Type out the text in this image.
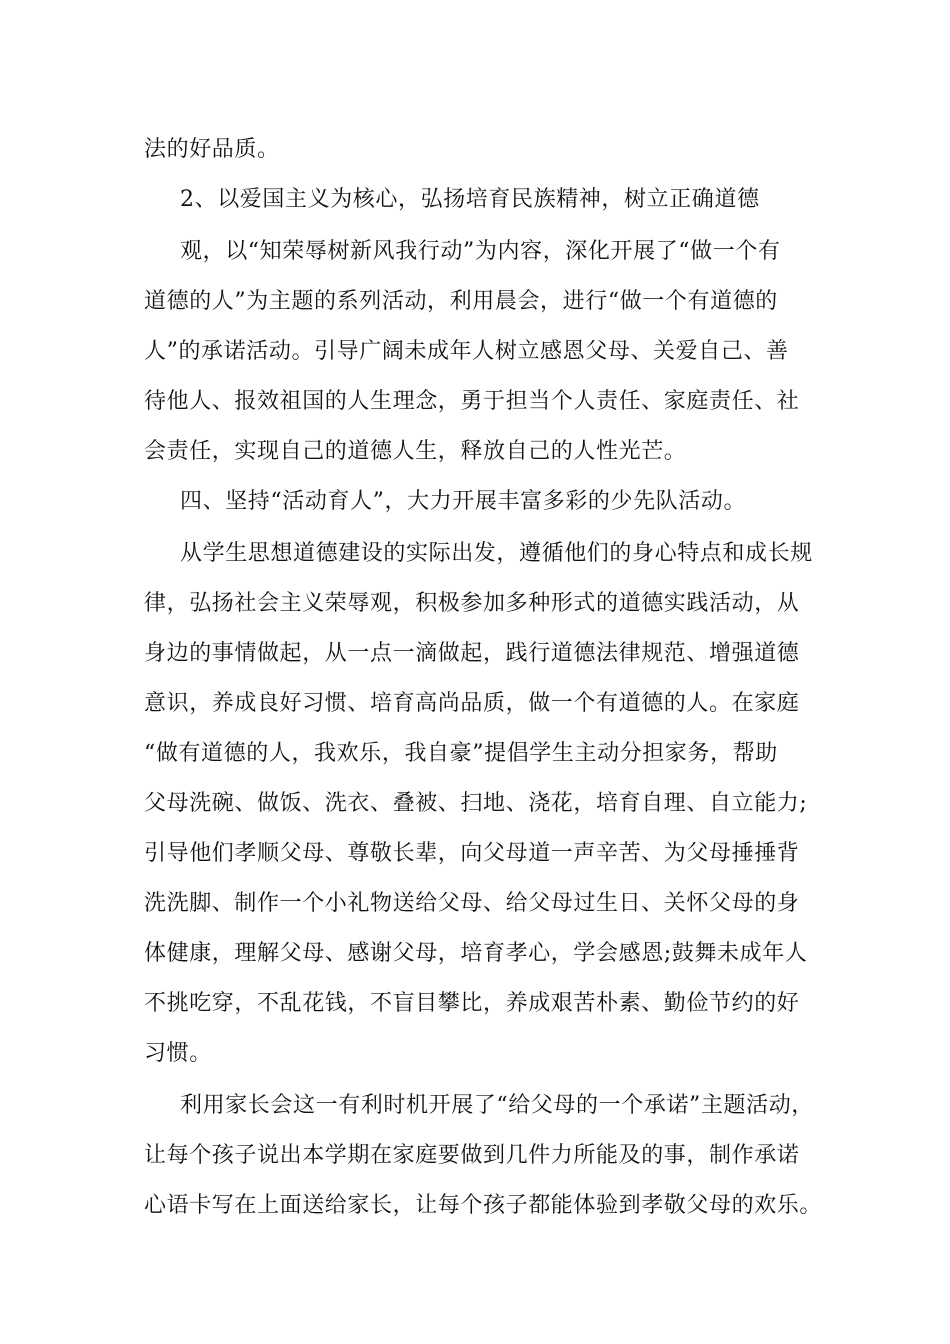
法的好品质。
2、以爱国主义为核心，弘扬培育民族精神，树立正确道德
观，以“知荣辱树新风我行动”为内容，深化开展了“做一个有
道德的人”为主题的系列活动，利用晨会，进行“做一个有道德的
人”的承诺活动。引导广阔未成年人树立感恩父母、关爱自己、善
待他人、报效祖国的人生理念，勇于担当个人责任、家庭责任、社
会责任，实现自己的道德人生，释放自己的人性光芒。
四、坚持“活动育人”，大力开展丰富多彩的少先队活动。
从学生思想道德建设的实际出发，遵循他们的身心特点和成长规
律，弘扬社会主义荣辱观，积极参加多种形式的道德实践活动，从
身边的事情做起，从一点一滴做起，践行道德法律规范、增强道德
意识，养成良好习惯、培育高尚品质，做一个有道德的人。在家庭
“做有道德的人，我欢乐，我自豪”提倡学生主动分担家务，帮助
父母洗碗、做饭、洗衣、叠被、扫地、浇花，培育自理、自立能力;
引导他们孝顺父母、尊敬长辈，向父母道一声辛苦、为父母捶捶背
洗洗脚、制作一个小礼物送给父母、给父母过生日、关怀父母的身
体健康，理解父母、感谢父母，培育孝心，学会感恩;鼓舞未成年人
不挑吃穿，不乱花钱，不盲目攀比，养成艰苦朴素、勤俭节约的好
习惯。
利用家长会这一有利时机开展了“给父母的一个承诺”主题活动，
让每个孩子说出本学期在家庭要做到几件力所能及的事，制作承诺
心语卡写在上面送给家长，让每个孩子都能体验到孝敬父母的欢乐。
